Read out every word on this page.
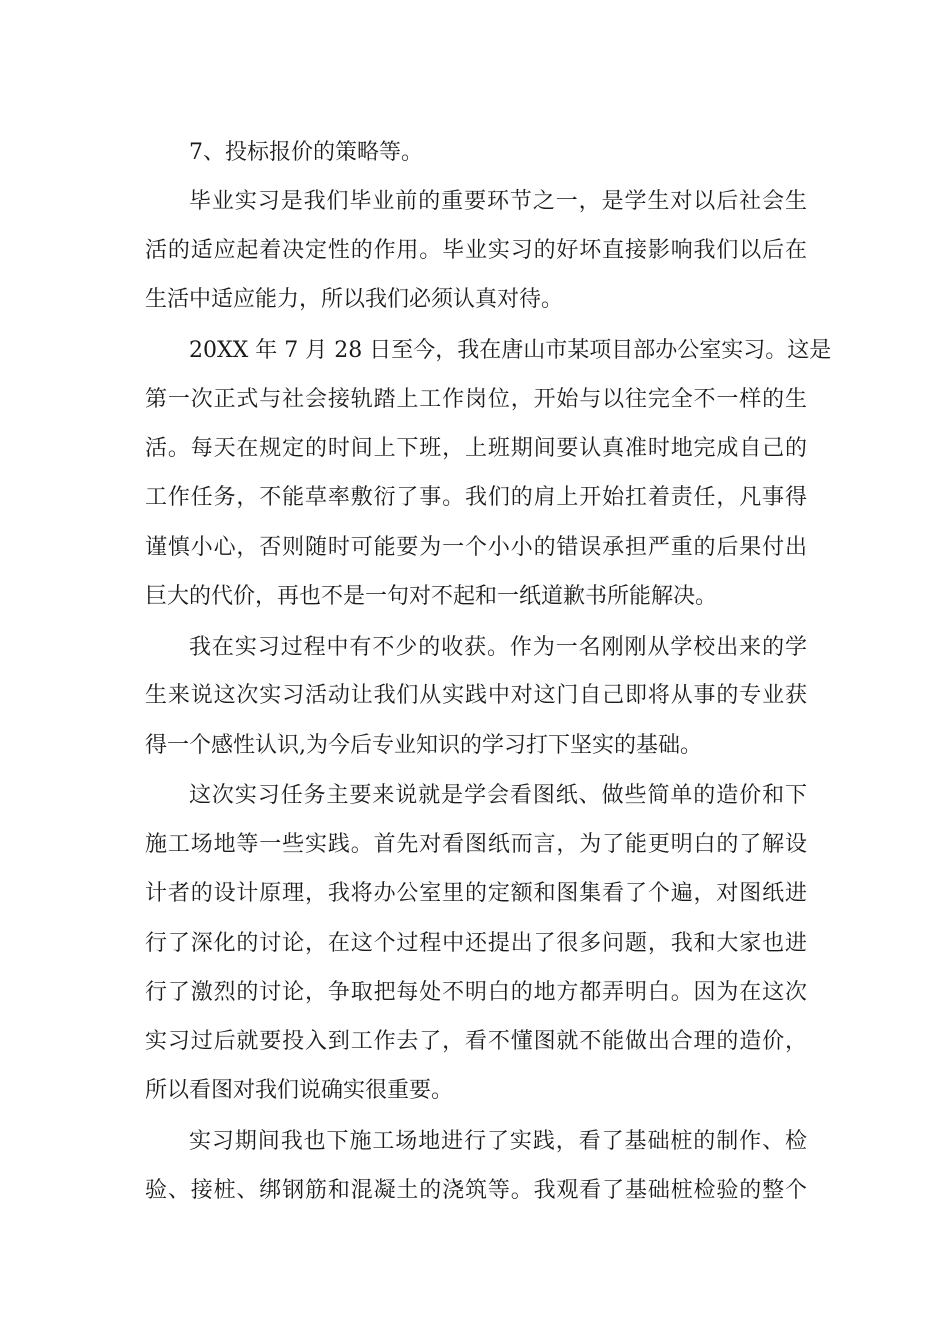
7、投标报价的策略等。

毕业实习是我们毕业前的重要环节之一，是学生对以后社会生

活的适应起着决定性的作用。毕业实习的好坏直接影响我们以后在

生活中适应能力，所以我们必须认真对待。

20XX 年 7 月 28 日至今，我在唐山市某项目部办公室实习。这是

第一次正式与社会接轨踏上工作岗位，开始与以往完全不一样的生

活。每天在规定的时间上下班，上班期间要认真准时地完成自己的

工作任务，不能草率敷衍了事。我们的肩上开始扛着责任，凡事得

谨慎小心，否则随时可能要为一个小小的错误承担严重的后果付出

巨大的代价，再也不是一句对不起和一纸道歉书所能解决。

我在实习过程中有不少的收获。作为一名刚刚从学校出来的学

生来说这次实习活动让我们从实践中对这门自己即将从事的专业获

得一个感性认识,为今后专业知识的学习打下坚实的基础。

这次实习任务主要来说就是学会看图纸、做些简单的造价和下

施工场地等一些实践。首先对看图纸而言，为了能更明白的了解设

计者的设计原理，我将办公室里的定额和图集看了个遍，对图纸进

行了深化的讨论，在这个过程中还提出了很多问题，我和大家也进

行了激烈的讨论，争取把每处不明白的地方都弄明白。因为在这次

实习过后就要投入到工作去了，看不懂图就不能做出合理的造价，

所以看图对我们说确实很重要。

实习期间我也下施工场地进行了实践，看了基础桩的制作、检

验、接桩、绑钢筋和混凝土的浇筑等。我观看了基础桩检验的整个
